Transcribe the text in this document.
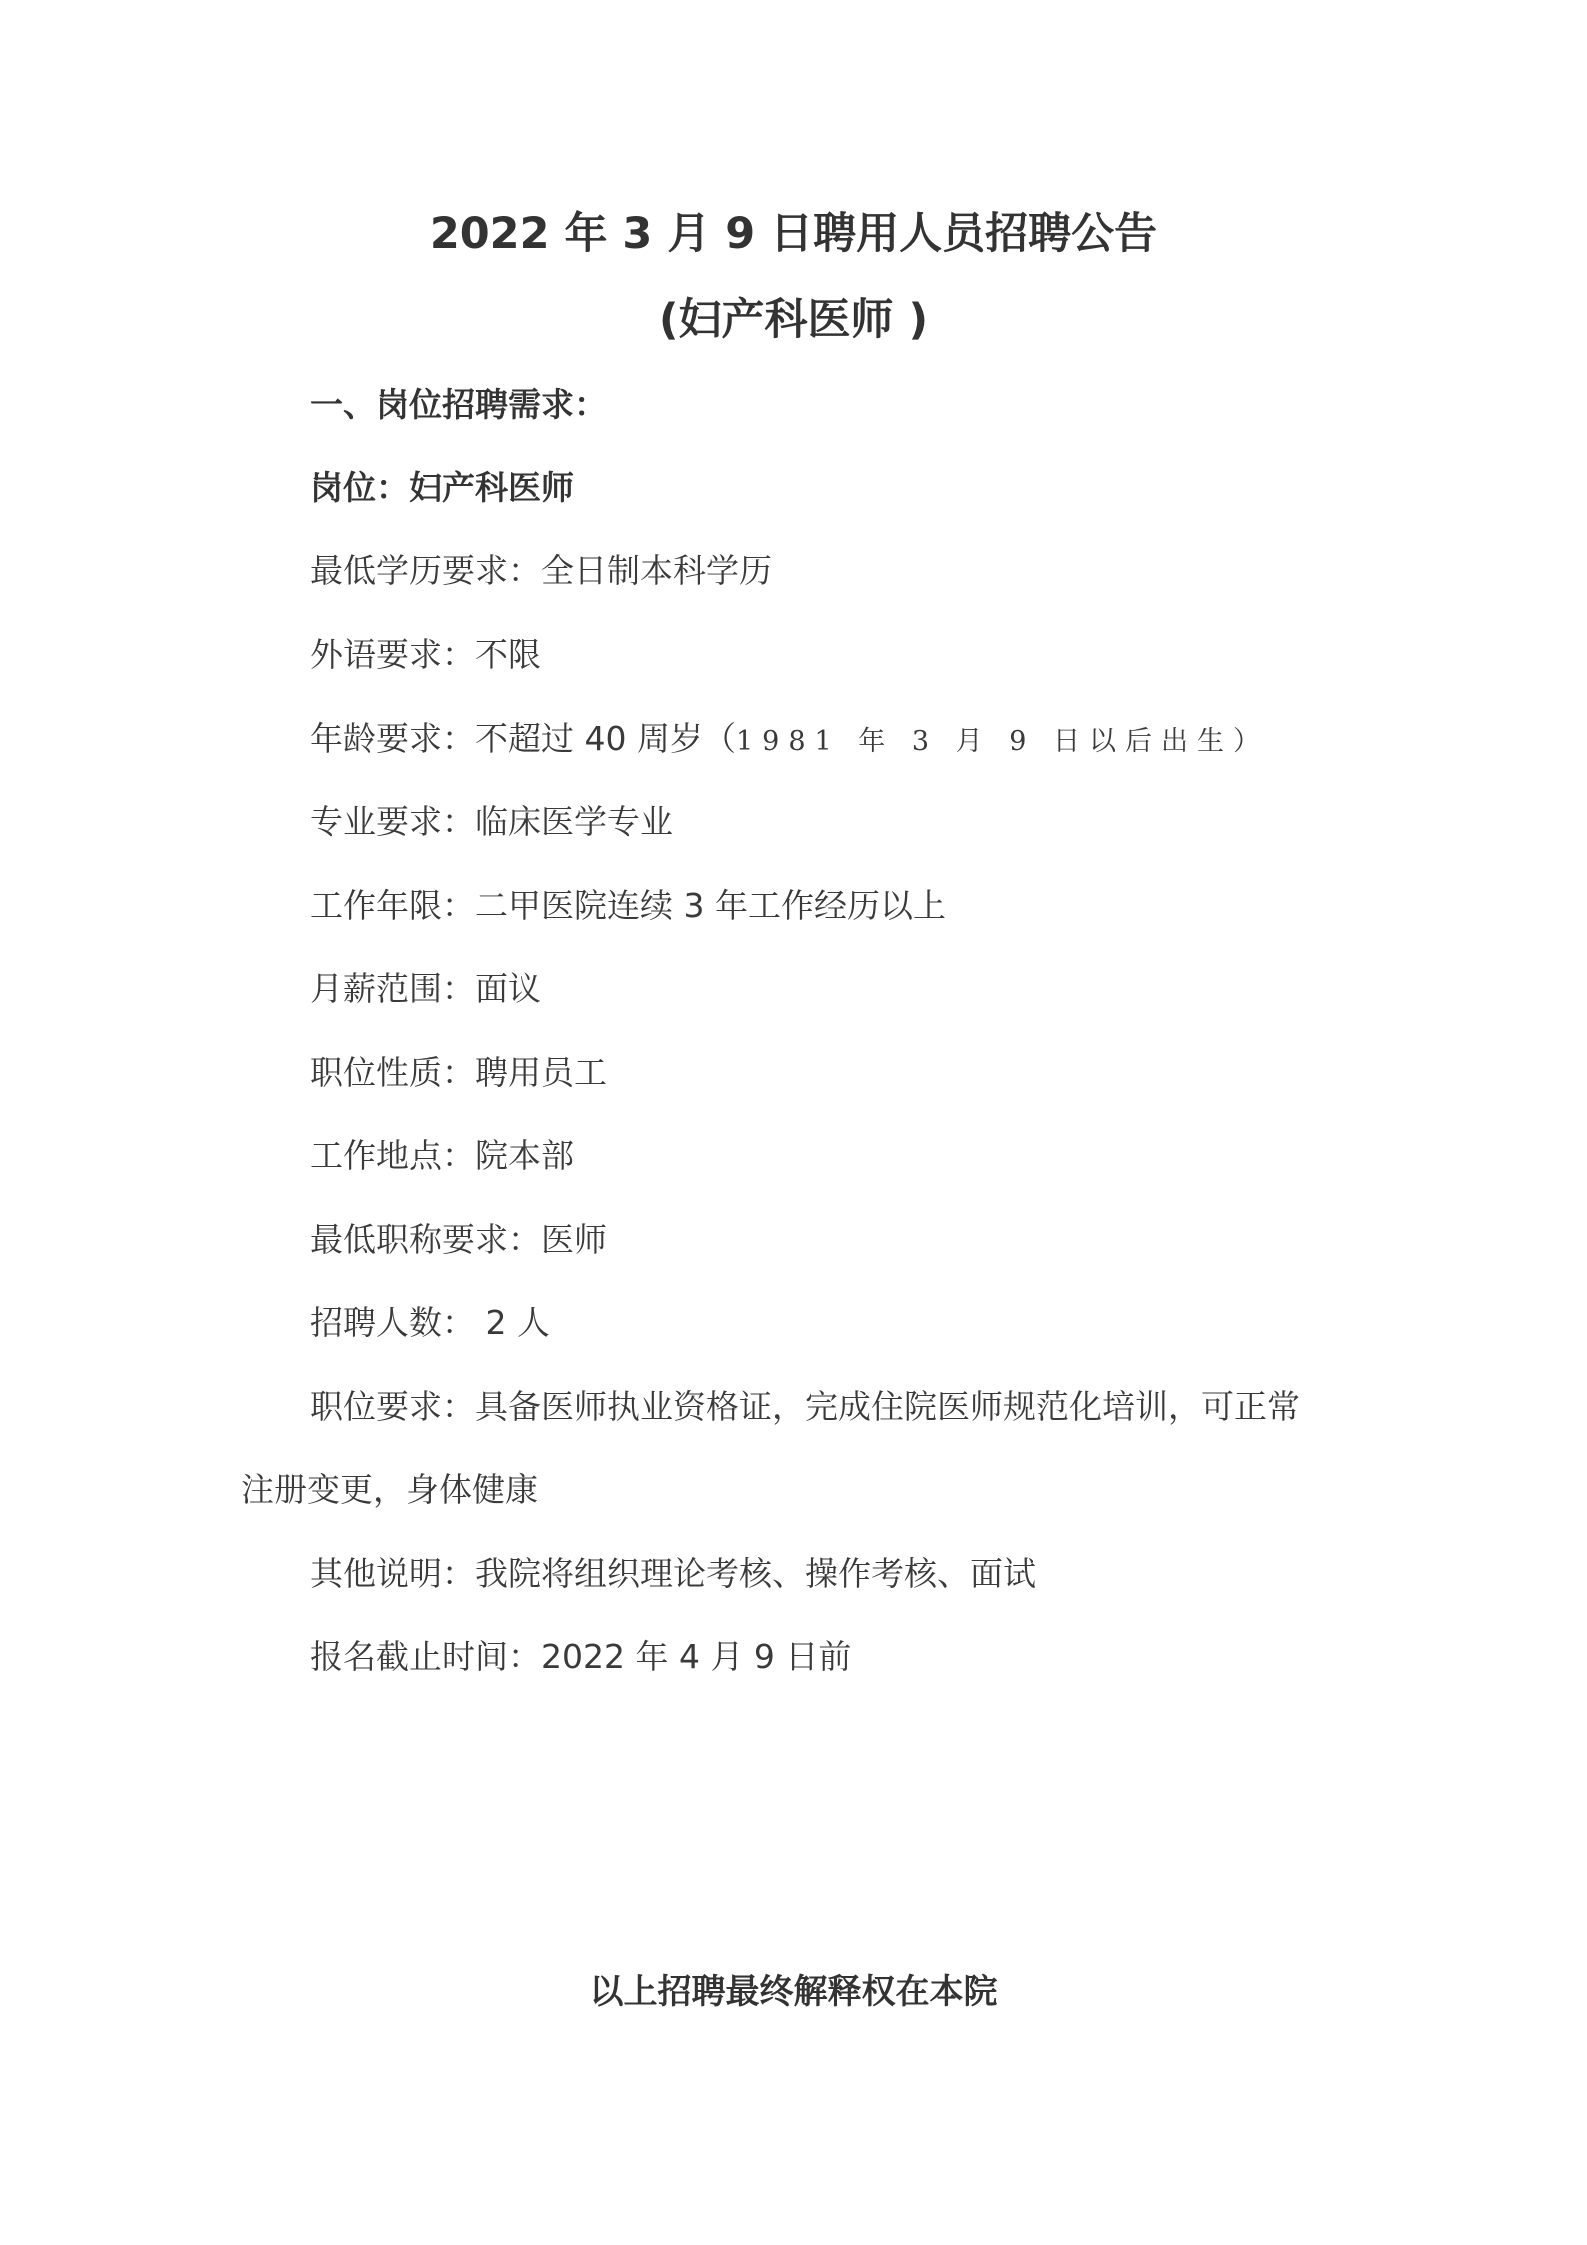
2022 年 3 月 9 日聘用人员招聘公告
(妇产科医师 )
一、岗位招聘需求：
岗位：妇产科医师
最低学历要求：全日制本科学历
外语要求：不限
年龄要求：不超过 40 周岁（1981 年 3 月 9 日以后出生）
专业要求：临床医学专业
工作年限：二甲医院连续 3 年工作经历以上
月薪范围：面议
职位性质：聘用员工
工作地点：院本部
最低职称要求：医师
招聘人数： 2 人
职位要求：具备医师执业资格证，完成住院医师规范化培训，可正常
注册变更，身体健康
其他说明：我院将组织理论考核、操作考核、面试
报名截止时间：2022 年 4 月 9 日前
以上招聘最终解释权在本院
